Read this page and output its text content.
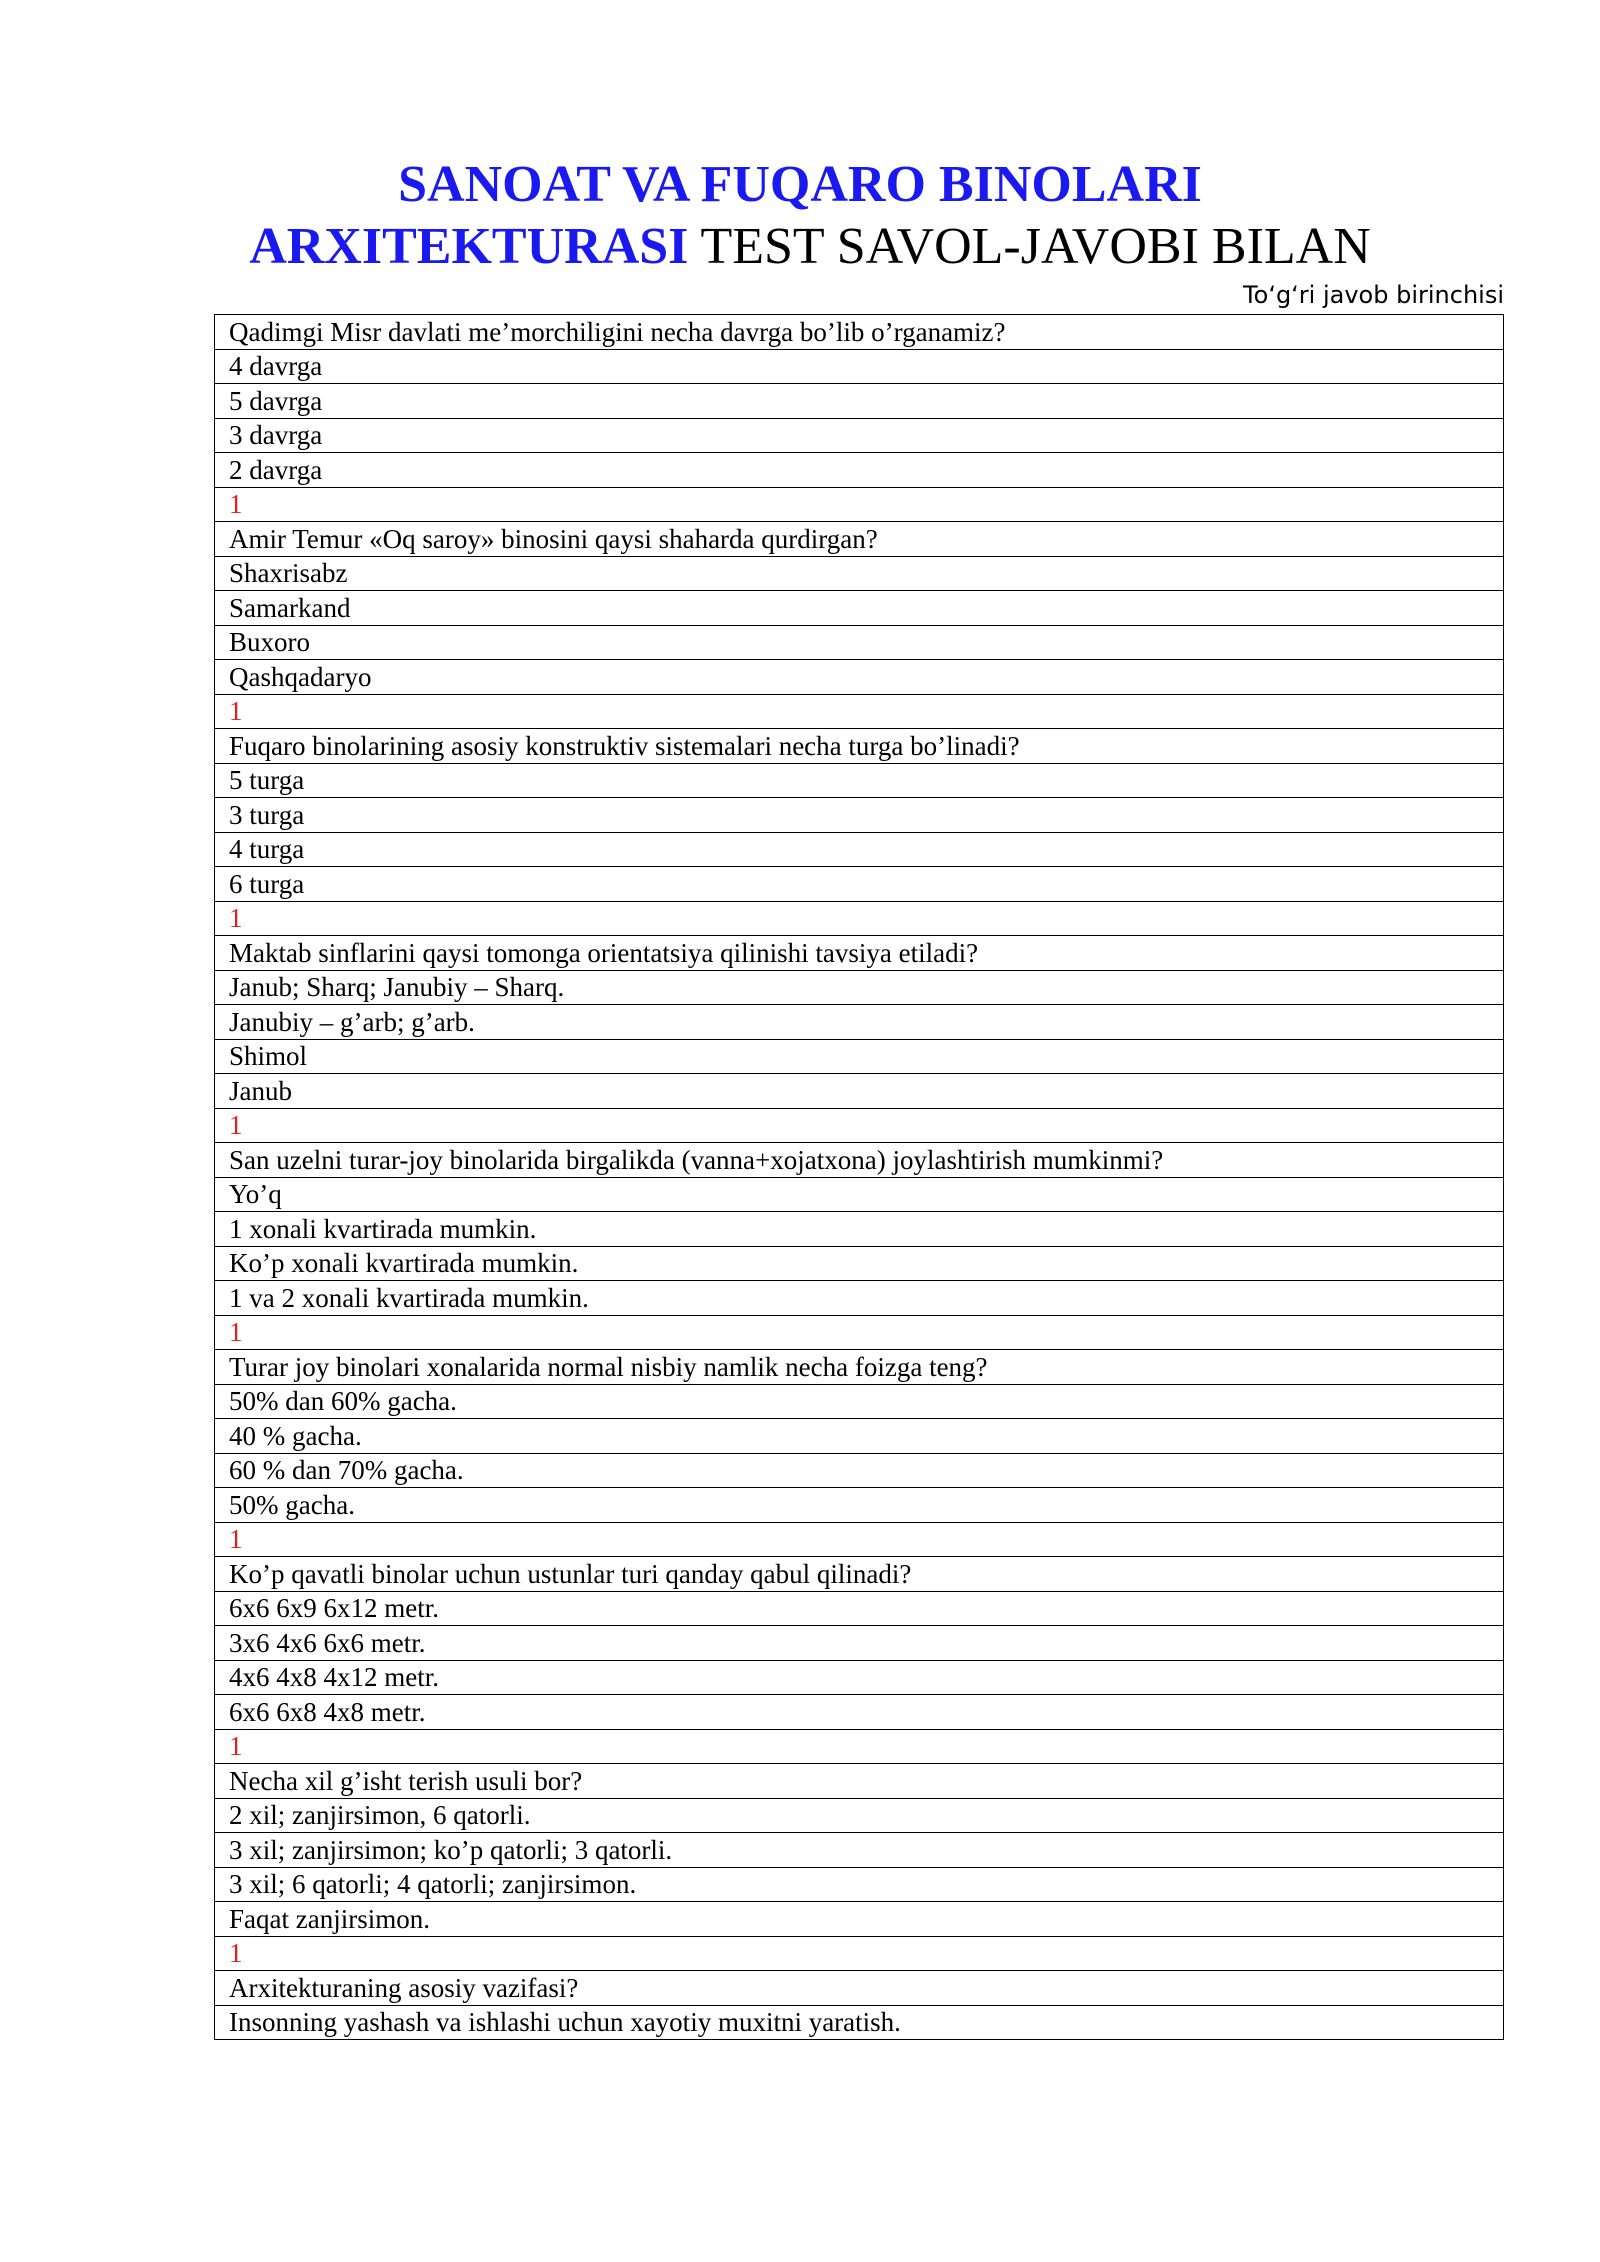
SANOAT VA FUQARO BINOLARI
ARXITEKTURASI TEST SAVOL-JAVOBI BILAN
To‘g‘ri javob birinchisi
Qadimgi Misr davlati me’morchiligini necha davrga bo’lib o’rganamiz?
4 davrga
5 davrga
3 davrga
2 davrga
1
Amir Temur «Oq saroy» binosini qaysi shaharda qurdirgan?
Shaxrisabz
Samarkand
Buxoro
Qashqadaryo
1
Fuqaro binolarining asosiy konstruktiv sistemalari necha turga bo’linadi?
5 turga
3 turga
4 turga
6 turga
1
Maktab sinflarini qaysi tomonga orientatsiya qilinishi tavsiya etiladi?
Janub; Sharq; Janubiy – Sharq.
Janubiy – g’arb; g’arb.
Shimol
Janub
1
San uzelni turar-joy binolarida birgalikda (vanna+xojatxona) joylashtirish mumkinmi?
Yo’q
1 xonali kvartirada mumkin.
Ko’p xonali kvartirada mumkin.
1 va 2 xonali kvartirada mumkin.
1
Turar joy binolari xonalarida normal nisbiy namlik necha foizga teng?
50% dan 60% gacha.
40 % gacha.
60 % dan 70% gacha.
50% gacha.
1
Ko’p qavatli binolar uchun ustunlar turi qanday qabul qilinadi?
6x6 6x9 6x12 metr.
3x6 4x6 6x6 metr.
4x6 4x8 4x12 metr.
6x6 6x8 4x8 metr.
1
Necha xil g’isht terish usuli bor?
2 xil; zanjirsimon, 6 qatorli.
3 xil; zanjirsimon; ko’p qatorli; 3 qatorli.
3 xil; 6 qatorli; 4 qatorli; zanjirsimon.
Faqat zanjirsimon.
1
Arxitekturaning asosiy vazifasi?
Insonning yashash va ishlashi uchun xayotiy muxitni yaratish.
